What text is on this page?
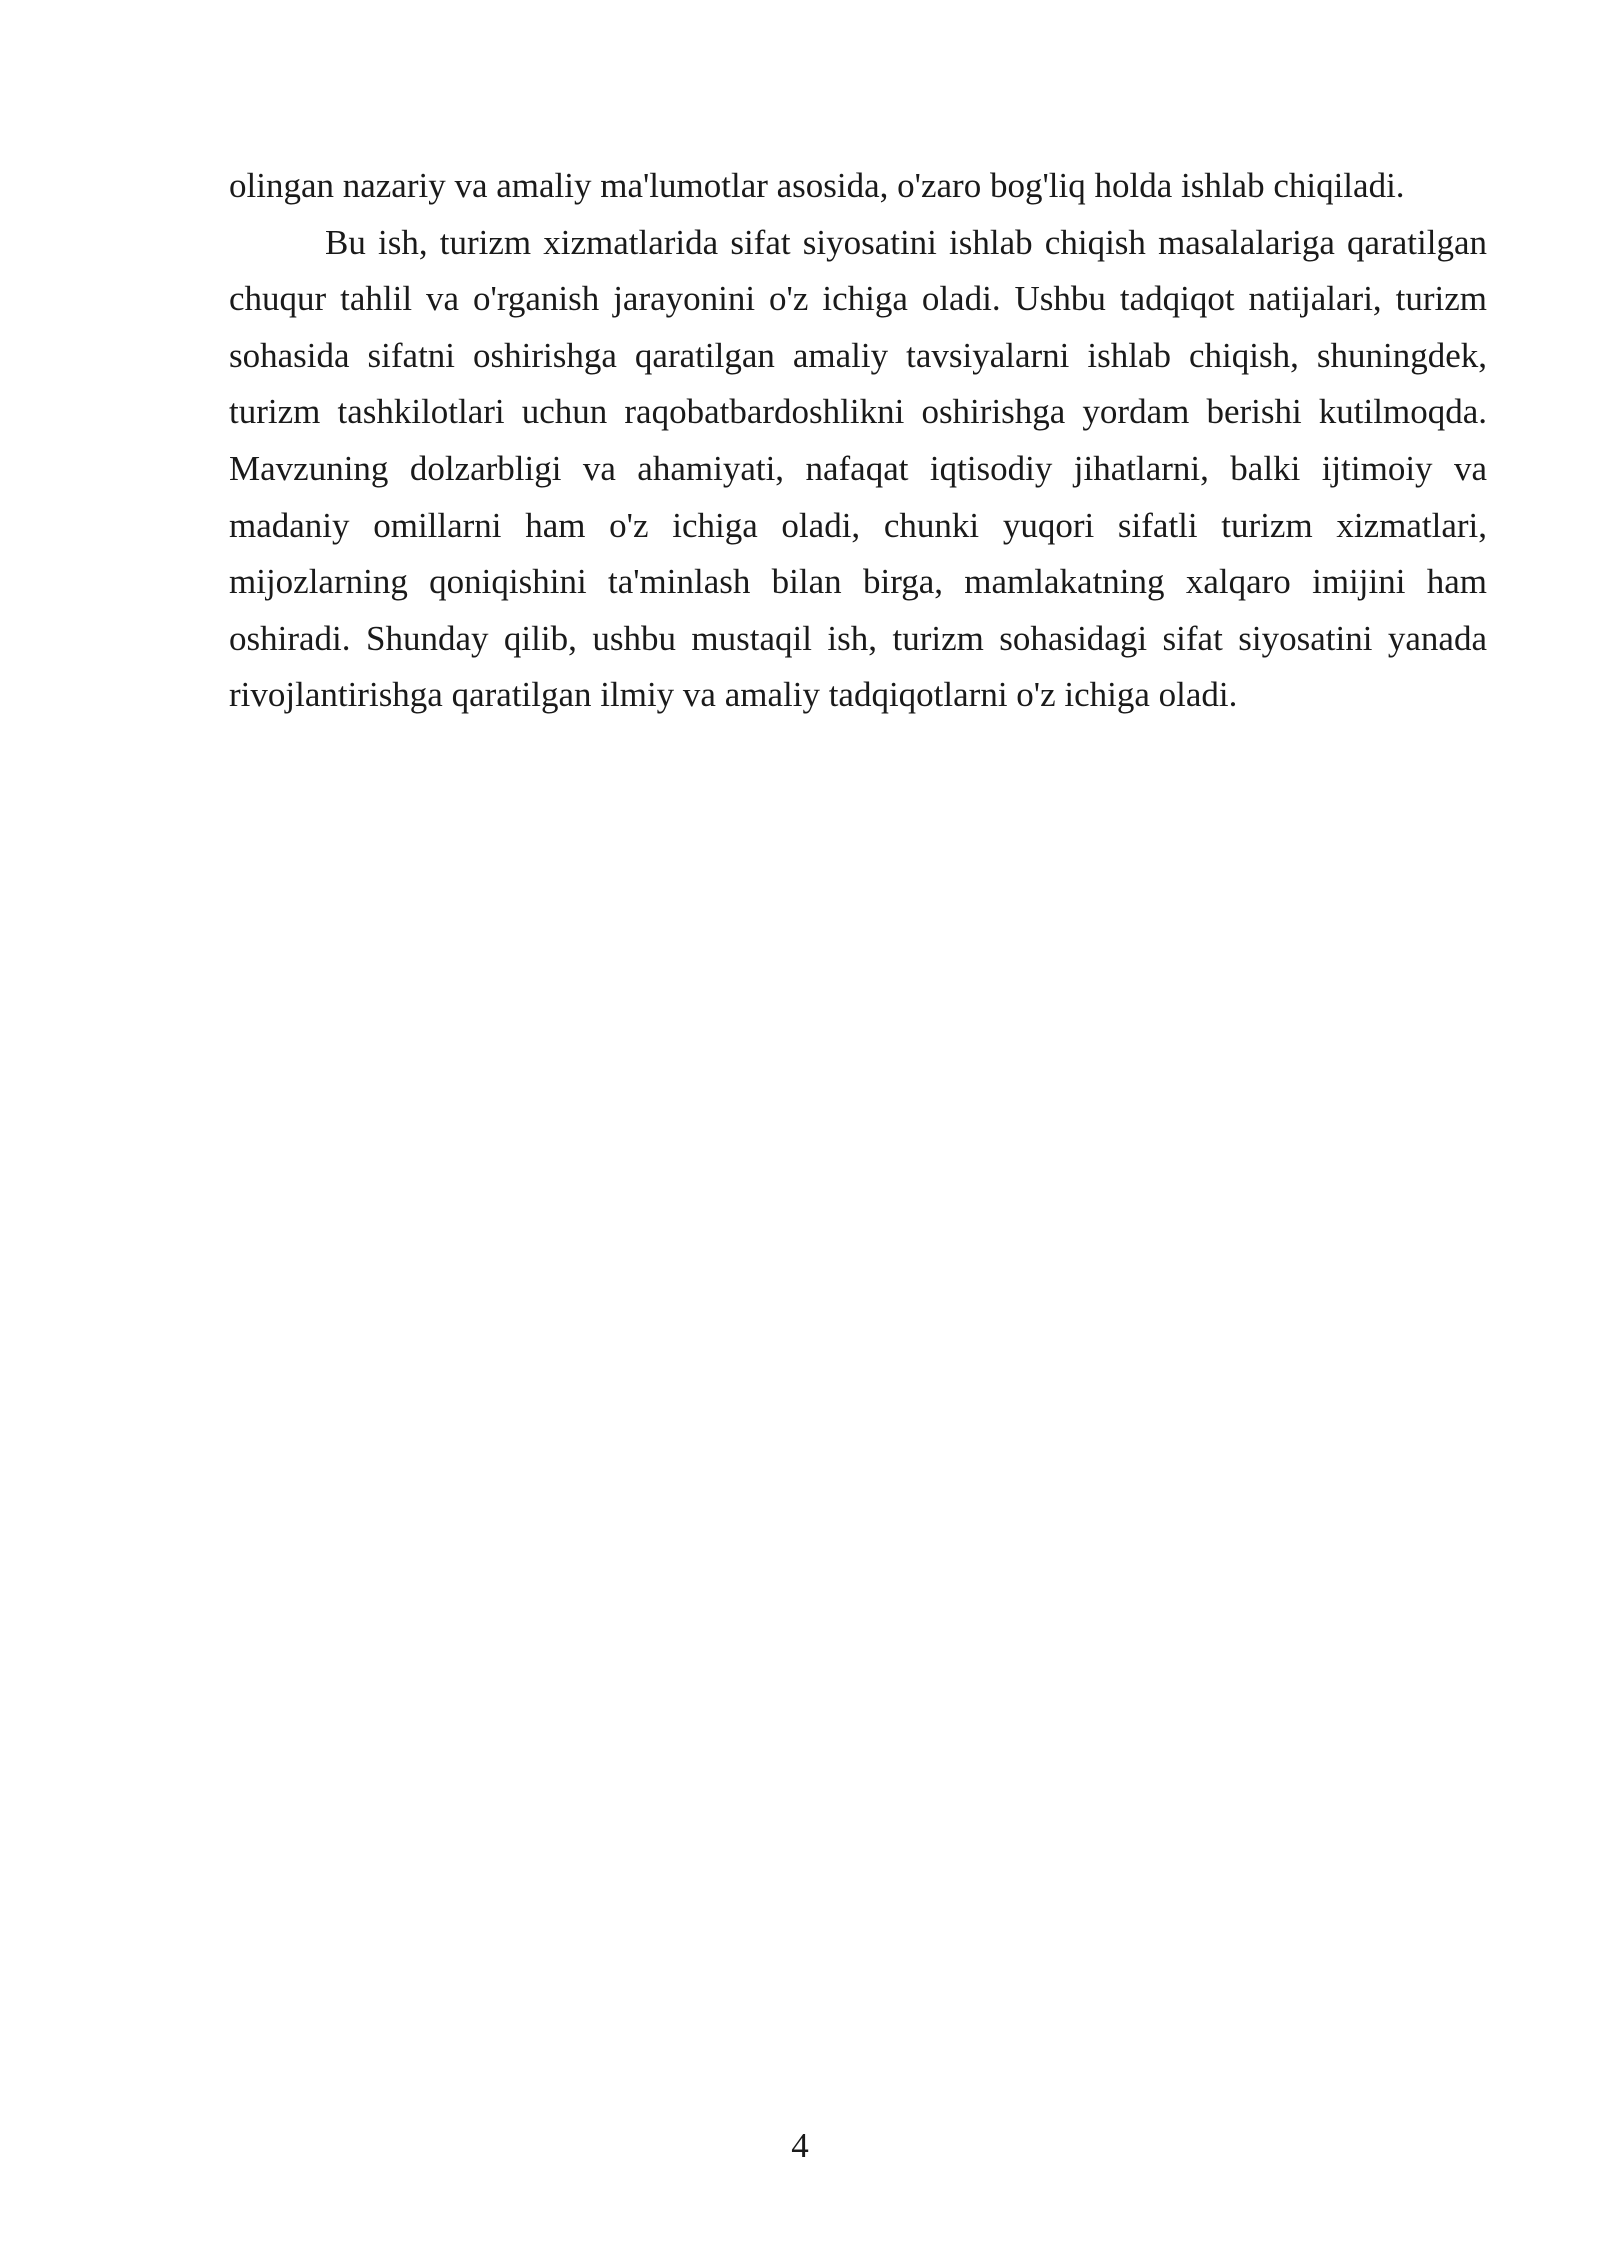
olingan nazariy va amaliy ma'lumotlar asosida, o'zaro bog'liq holda ishlab chiqiladi.

Bu ish, turizm xizmatlarida sifat siyosatini ishlab chiqish masalalariga qaratilgan chuqur tahlil va o'rganish jarayonini o'z ichiga oladi. Ushbu tadqiqot natijalari, turizm sohasida sifatni oshirishga qaratilgan amaliy tavsiyalarni ishlab chiqish, shuningdek, turizm tashkilotlari uchun raqobatbardoshlikni oshirishga yordam berishi kutilmoqda. Mavzuning dolzarbligi va ahamiyati, nafaqat iqtisodiy jihatlarni, balki ijtimoiy va madaniy omillarni ham o'z ichiga oladi, chunki yuqori sifatli turizm xizmatlari, mijozlarning qoniqishini ta'minlash bilan birga, mamlakatning xalqaro imijini ham oshiradi. Shunday qilib, ushbu mustaqil ish, turizm sohasidagi sifat siyosatini yanada rivojlantirishga qaratilgan ilmiy va amaliy tadqiqotlarni o'z ichiga oladi.

4
